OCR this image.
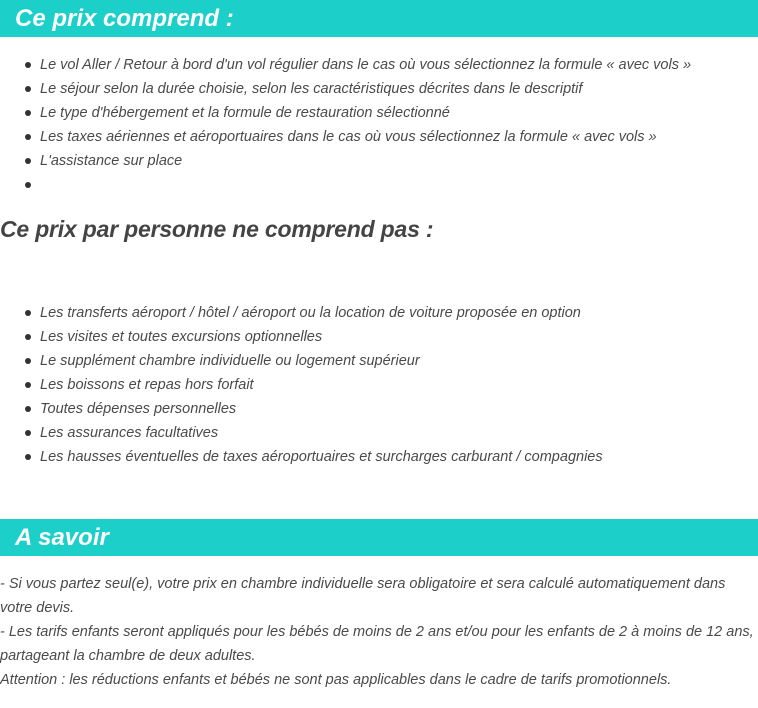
Ce prix comprend :
Le vol Aller / Retour à bord d'un vol régulier dans le cas où vous sélectionnez la formule « avec vols »
Le séjour selon la durée choisie, selon les caractéristiques décrites dans le descriptif
Le type d'hébergement et la formule de restauration sélectionné
Les taxes aériennes et aéroportuaires dans le cas où vous sélectionnez la formule « avec vols »
L'assistance sur place
Ce prix par personne ne comprend pas :
Les transferts aéroport / hôtel / aéroport ou la location de voiture proposée en option
Les visites et toutes excursions optionnelles
Le supplément chambre individuelle ou logement supérieur
Les boissons et repas hors forfait
Toutes dépenses personnelles
Les assurances facultatives
Les hausses éventuelles de taxes aéroportuaires et surcharges carburant / compagnies
A savoir

- Si vous partez seul(e), votre prix en chambre individuelle sera obligatoire et sera calculé automatiquement dans votre devis.

- Les tarifs enfants seront appliqués pour les bébés de moins de 2 ans et/ou pour les enfants de 2 à moins de 12 ans, partageant la chambre de deux adultes.

Attention : les réductions enfants et bébés ne sont pas applicables dans le cadre de tarifs promotionnels.
